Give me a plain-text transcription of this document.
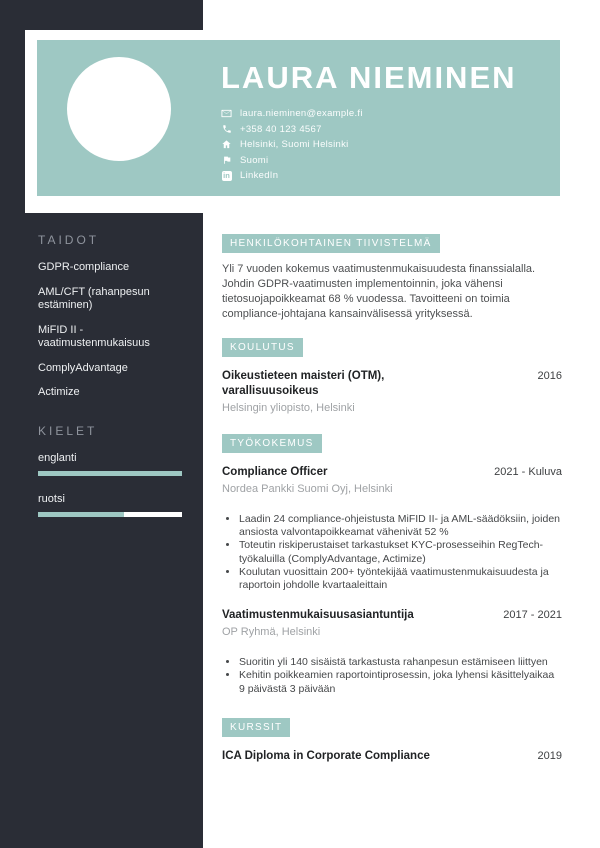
LAURA NIEMINEN
laura.nieminen@example.fi
+358 40 123 4567
Helsinki, Suomi Helsinki
Suomi
in LinkedIn
TAIDOT
GDPR-compliance
AML/CFT (rahanpesun estäminen)
MiFID II - vaatimustenmukaisuus
ComplyAdvantage
Actimize
KIELET
englanti
ruotsi
HENKILÖKOHTAINEN TIIVISTELMÄ
Yli 7 vuoden kokemus vaatimustenmukaisuudesta finanssialalla. Johdin GDPR-vaatimusten implementoinnin, joka vähensi tietosuojapoikkeamat 68 % vuodessa. Tavoitteeni on toimia compliance-johtajana kansainvälisessä yrityksessä.
KOULUTUS
Oikeustieteen maisteri (OTM), varallisuusoikeus
2016
Helsingin yliopisto, Helsinki
TYÖKOKEMUS
Compliance Officer	2021 - Kuluva
Nordea Pankki Suomi Oyj, Helsinki
• Laadin 24 compliance-ohjeistusta MiFID II- ja AML-säädöksiin, joiden ansiosta valvontapoikkeamat vähenivät 52 %
• Toteutin riskiperustaiset tarkastukset KYC-prosesseihin RegTech-työkaluilla (ComplyAdvantage, Actimize)
• Koulutan vuosittain 200+ työntekijää vaatimustenmukaisuudesta ja raportoin johdolle kvartaaleittain
Vaatimustenmukaisuusasiantuntija	2017 - 2021
OP Ryhmä, Helsinki
• Suoritin yli 140 sisäistä tarkastusta rahanpesun estämiseen liittyen
• Kehitin poikkeamien raportointiprosessin, joka lyhensi käsittelyaikaa 9 päivästä 3 päivään
KURSSIT
ICA Diploma in Corporate Compliance	2019
